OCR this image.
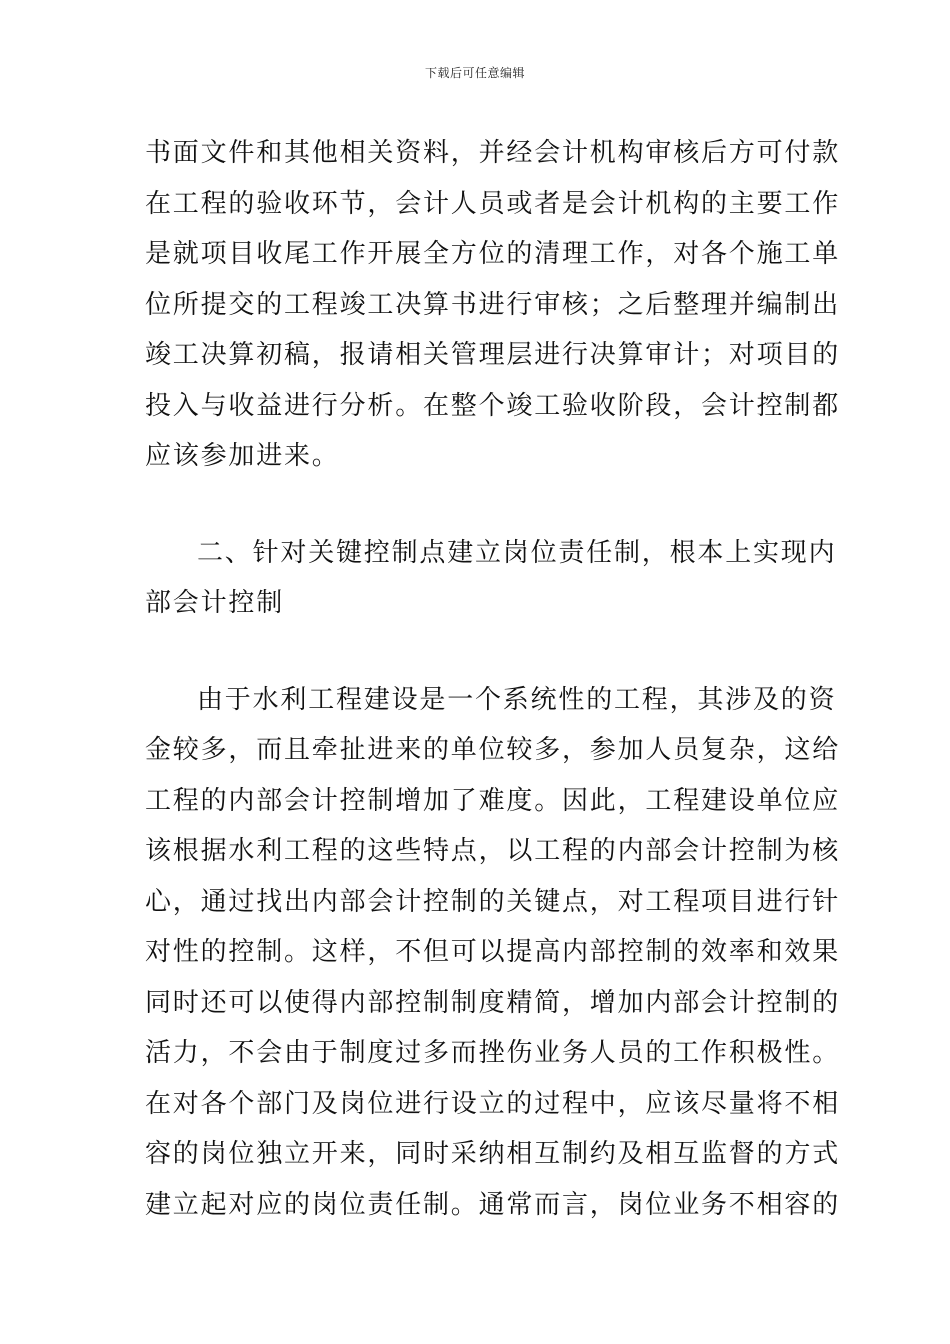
下载后可任意编辑
书面文件和其他相关资料，并经会计机构审核后方可付款
在工程的验收环节，会计人员或者是会计机构的主要工作
是就项目收尾工作开展全方位的清理工作，对各个施工单
位所提交的工程竣工决算书进行审核；之后整理并编制出
竣工决算初稿，报请相关管理层进行决算审计；对项目的
投入与收益进行分析。在整个竣工验收阶段，会计控制都
应该参加进来。
二、针对关键控制点建立岗位责任制，根本上实现内
部会计控制
由于水利工程建设是一个系统性的工程，其涉及的资
金较多，而且牵扯进来的单位较多，参加人员复杂，这给
工程的内部会计控制增加了难度。因此，工程建设单位应
该根据水利工程的这些特点，以工程的内部会计控制为核
心，通过找出内部会计控制的关键点，对工程项目进行针
对性的控制。这样，不但可以提高内部控制的效率和效果
同时还可以使得内部控制制度精简，增加内部会计控制的
活力，不会由于制度过多而挫伤业务人员的工作积极性。
在对各个部门及岗位进行设立的过程中，应该尽量将不相
容的岗位独立开来，同时采纳相互制约及相互监督的方式
建立起对应的岗位责任制。通常而言，岗位业务不相容的
